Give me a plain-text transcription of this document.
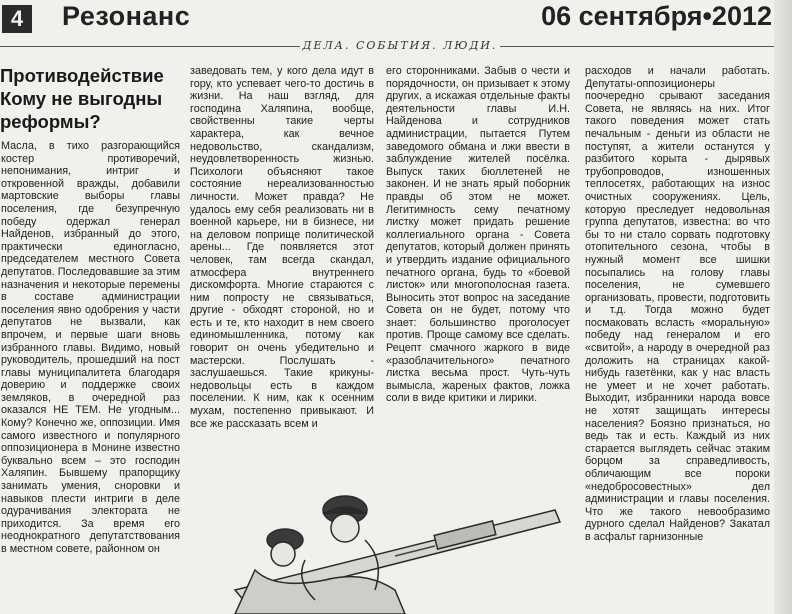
4	Резонанс	06 сентября•2012
ДЕЛА. СОБЫТИЯ. ЛЮДИ.
Противодействие Кому не выгодны реформы?

Масла, в тихо разгорающийся костер противоречий, непонимания, интриг и откровенной вражды, добавили мартовские выборы главы поселения, где безупречную победу одержал генерал Найденов, избранный до этого, практически единогласно, председателем местного Совета депутатов. Последовавшие за этим назначения и некоторые перемены в составе администрации поселения явно одобрения у части депутатов не вызвали, как впрочем, и первые шаги вновь избранного главы. Видимо, новый руководитель, прошедший на пост главы муниципалитета благодаря доверию и поддержке своих земляков, в очередной раз оказался НЕ ТЕМ. Не угодным... Кому? Конечно же, оппозиции. Имя самого известного и популярного оппозиционера в Монине известно буквально всем – это господин Халяпин. Бывшему прапорщику занимать умения, сноровки и навыков плести интриги в деле одурачивания электората не приходится. За время его неоднократного депутатствования в местном совете, районном он

заведовать тем, у кого дела идут в гору, кто успевает чего-то достичь в жизни. На наш взгляд, для господина Халяпина, вообще, свойственны такие черты характера, как вечное недовольство, скандализм, неудовлетворенность жизнью. Психологи объясняют такое состояние нереализованностью личности. Может правда? Не удалось ему себя реализовать ни в военной карьере, ни в бизнесе, ни на деловом поприще политической арены... Где появляется этот человек, там всегда скандал, атмосфера внутреннего дискомфорта. Многие стараются с ним попросту не связываться, другие - обходят стороной, но и есть и те, кто находит в нем своего единомышленника, потому как говорит он очень убедительно и мастерски. Послушать - заслушаешься. Такие крикуны-недовольцы есть в каждом поселении. К ним, как к осенним мухам, постепенно привыкают. И все же рассказать всем и

его сторонниками. Забыв о чести и порядочности, он призывает к этому других, а искажая отдельные факты деятельности главы И.Н. Найденова и сотрудников администрации, пытается Путем заведомого обмана и лжи ввести в заблуждение жителей посёлка. Выпуск таких бюллетеней не законен. И не знать ярый поборник правды об этом не может. Легитимность сему печатному листку может придать решение коллегиального органа - Совета депутатов, который должен принять и утвердить издание официального печатного органа, будь то «боевой листок» или многополосная газета. Выносить этот вопрос на заседание Совета он не будет, потому что знает: большинство проголосует против. Проще самому все сделать. Рецепт смачного жаркого в виде «разоблачительного» печатного листка весьма прост. Чуть-чуть вымысла, жареных фактов, ложка соли в виде критики и лирики.

расходов и начали работать. Депутаты-оппозиционеры поочередно срывают заседания Совета, не являясь на них. Итог такого поведения может стать печальным - деньги из области не поступят, а жители останутся у разбитого корыта - дырявых трубопроводов, изношенных теплосетях, работающих на износ очистных сооружениях. Цель, которую преследует недовольная группа депутатов, известна: во что бы то ни стало сорвать подготовку отопительного сезона, чтобы в нужный момент все шишки посыпались на голову главы поселения, не сумевшего организовать, провести, подготовить и т.д. Тогда можно будет посмаковать всласть «моральную» победу над генералом и его «свитой», а народу в очередной раз доложить на страницах какой-нибудь газетёнки, как у нас власть не умеет и не хочет работать. Выходит, избранники народа вовсе не хотят защищать интересы населения? Боязно признаться, но ведь так и есть. Каждый из них старается выглядеть сейчас этаким борцом за справедливость, обличающим все пороки «недобросовестных» дел администрации и главы поселения. Что же такого невообразимо дурного сделал Найденов? Закатал в асфальт гарнизонные
